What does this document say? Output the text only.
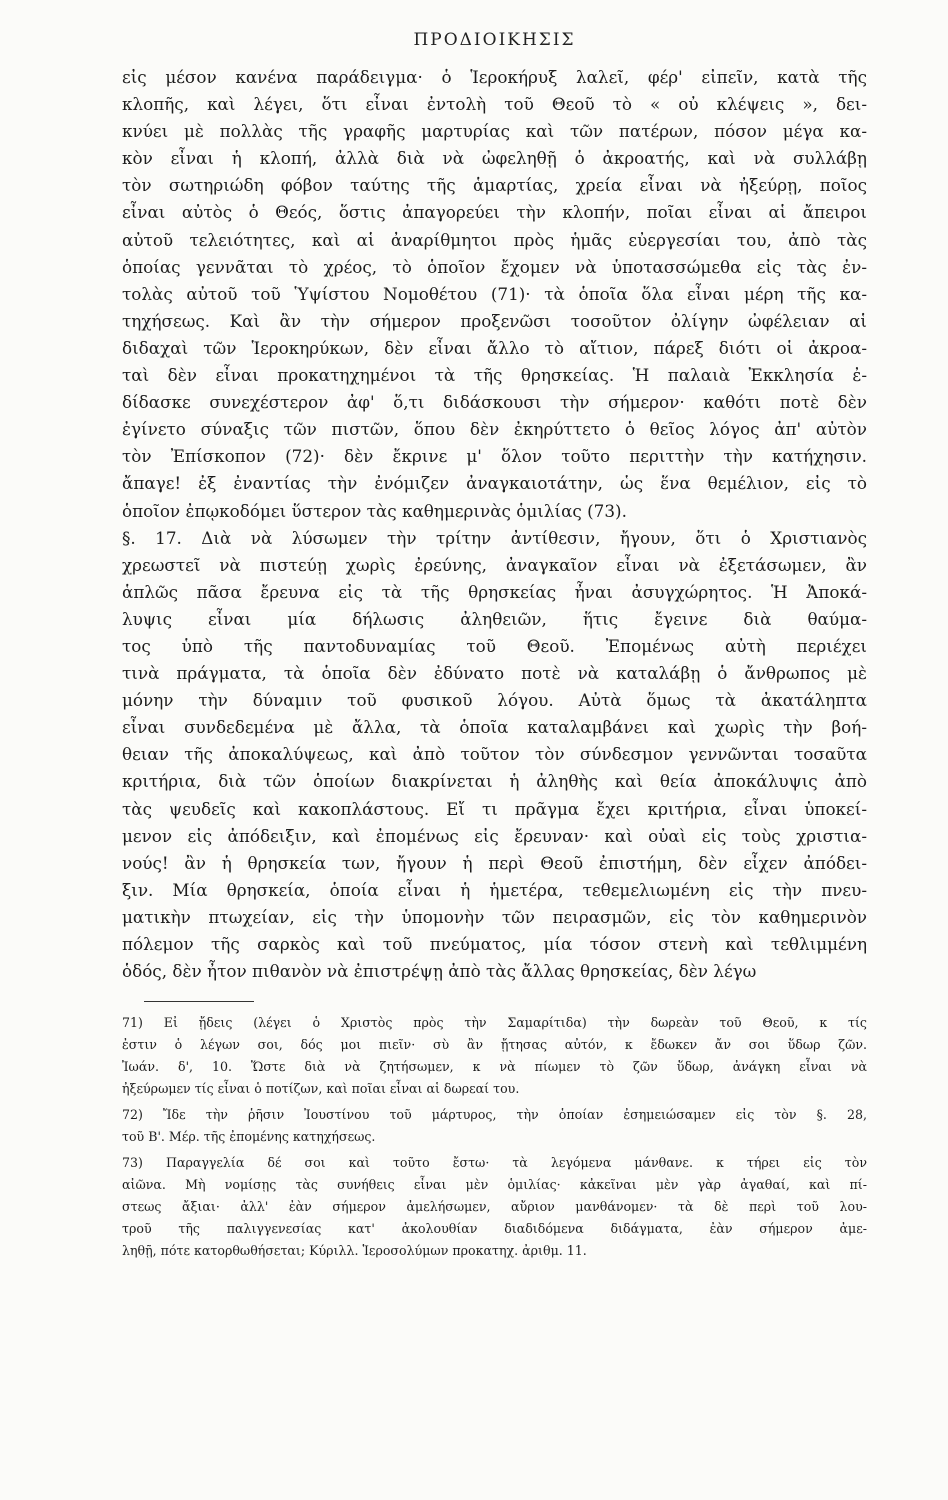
ΠΡΟΔΙΟΙΚΗΣΙΣ
εἰς μέσον κανένα παράδειγμα· ὁ Ἱεροκήρυξ λαλεῖ, φέρ' εἰπεῖν, κατὰ τῆς
κλοπῆς, καὶ λέγει, ὅτι εἶναι ἐντολὴ τοῦ Θεοῦ τὸ « οὐ κλέψεις », δει-
κνύει μὲ πολλὰς τῆς γραφῆς μαρτυρίας καὶ τῶν πατέρων, πόσον μέγα κα-
κὸν εἶναι ἡ κλοπή, ἀλλὰ διὰ νὰ ὠφεληθῇ ὁ ἀκροατής, καὶ νὰ συλλάβῃ
τὸν σωτηριώδη φόβον ταύτης τῆς ἁμαρτίας, χρεία εἶναι νὰ ἠξεύρῃ, ποῖος
εἶναι αὐτὸς ὁ Θεός, ὅστις ἀπαγορεύει τὴν κλοπήν, ποῖαι εἶναι αἱ ἄπειροι
αὐτοῦ τελειότητες, καὶ αἱ ἀναρίθμητοι πρὸς ἡμᾶς εὐεργεσίαι του, ἀπὸ τὰς
ὁποίας γεννᾶται τὸ χρέος, τὸ ὁποῖον ἔχομεν νὰ ὑποτασσώμεθα εἰς τὰς ἐν-
τολὰς αὐτοῦ τοῦ Ὑψίστου Νομοθέτου (71)· τὰ ὁποῖα ὅλα εἶναι μέρη τῆς κα-
τηχήσεως. Καὶ ἂν τὴν σήμερον προξενῶσι τοσοῦτον ὀλίγην ὠφέλειαν αἱ
διδαχαὶ τῶν Ἱεροκηρύκων, δὲν εἶναι ἄλλο τὸ αἴτιον, πάρεξ διότι οἱ ἀκροα-
ταὶ δὲν εἶναι προκατηχημένοι τὰ τῆς θρησκείας. Ἡ παλαιὰ Ἐκκλησία ἐ-
δίδασκε συνεχέστερον ἀφ' ὅ,τι διδάσκουσι τὴν σήμερον· καθότι ποτὲ δὲν
ἐγίνετο σύναξις τῶν πιστῶν, ὅπου δὲν ἐκηρύττετο ὁ θεῖος λόγος ἀπ' αὐτὸν
τὸν Ἐπίσκοπον (72)· δὲν ἔκρινε μ' ὅλον τοῦτο περιττὴν τὴν κατήχησιν.
ἄπαγε! ἐξ ἐναντίας τὴν ἐνόμιζεν ἀναγκαιοτάτην, ὡς ἕνα θεμέλιον, εἰς τὸ
ὁποῖον ἐπῳκοδόμει ὕστερον τὰς καθημερινὰς ὁμιλίας (73).
§. 17. Διὰ νὰ λύσωμεν τὴν τρίτην ἀντίθεσιν, ἤγουν, ὅτι ὁ Χριστιανὸς
χρεωστεῖ νὰ πιστεύῃ χωρὶς ἐρεύνης, ἀναγκαῖον εἶναι νὰ ἐξετάσωμεν, ἂν
ἁπλῶς πᾶσα ἔρευνα εἰς τὰ τῆς θρησκείας ἦναι ἀσυγχώρητος. Ἡ Ἀποκά-
λυψις εἶναι μία δήλωσις ἀληθειῶν, ἥτις ἔγεινε διὰ θαύμα-
τος ὑπὸ τῆς παντοδυναμίας τοῦ Θεοῦ. Ἐπομένως αὐτὴ περιέχει
τινὰ πράγματα, τὰ ὁποῖα δὲν ἐδύνατο ποτὲ νὰ καταλάβῃ ὁ ἄνθρωπος μὲ
μόνην τὴν δύναμιν τοῦ φυσικοῦ λόγου. Αὐτὰ ὅμως τὰ ἀκατάληπτα
εἶναι συνδεδεμένα μὲ ἄλλα, τὰ ὁποῖα καταλαμβάνει καὶ χωρὶς τὴν βοή-
θειαν τῆς ἀποκαλύψεως, καὶ ἀπὸ τοῦτον τὸν σύνδεσμον γεννῶνται τοσαῦτα
κριτήρια, διὰ τῶν ὁποίων διακρίνεται ἡ ἀληθὴς καὶ θεία ἀποκάλυψις ἀπὸ
τὰς ψευδεῖς καὶ κακοπλάστους. Εἴ τι πρᾶγμα ἔχει κριτήρια, εἶναι ὑποκεί-
μενον εἰς ἀπόδειξιν, καὶ ἐπομένως εἰς ἔρευναν· καὶ οὐαὶ εἰς τοὺς χριστια-
νούς! ἂν ἡ θρησκεία των, ἤγουν ἡ περὶ Θεοῦ ἐπιστήμη, δὲν εἶχεν ἀπόδει-
ξιν. Μία θρησκεία, ὁποία εἶναι ἡ ἡμετέρα, τεθεμελιωμένη εἰς τὴν πνευ-
ματικὴν πτωχείαν, εἰς τὴν ὑπομονὴν τῶν πειρασμῶν, εἰς τὸν καθημερινὸν
πόλεμον τῆς σαρκὸς καὶ τοῦ πνεύματος, μία τόσον στενὴ καὶ τεθλιμμένη
ὁδός, δὲν ἦτον πιθανὸν νὰ ἐπιστρέψῃ ἀπὸ τὰς ἄλλας θρησκείας, δὲν λέγω
71) Εἰ ᾔδεις (λέγει ὁ Χριστὸς πρὸς τὴν Σαμαρίτιδα) τὴν δωρεὰν τοῦ Θεοῦ, κ τίς
ἐστιν ὁ λέγων σοι, δός μοι πιεῖν· σὺ ἂν ᾔτησας αὐτόν, κ ἔδωκεν ἄν σοι ὕδωρ ζῶν.
Ἰωάν. δ', 10. Ὥστε διὰ νὰ ζητήσωμεν, κ νὰ πίωμεν τὸ ζῶν ὕδωρ, ἀνάγκη εἶναι νὰ
ἠξεύρωμεν τίς εἶναι ὁ ποτίζων, καὶ ποῖαι εἶναι αἱ δωρεαί του.
72) Ἴδε τὴν ῥῆσιν Ἰουστίνου τοῦ μάρτυρος, τὴν ὁποίαν ἐσημειώσαμεν εἰς τὸν §. 28,
τοῦ Β'. Μέρ. τῆς ἐπομένης κατηχήσεως.
73) Παραγγελία δέ σοι καὶ τοῦτο ἔστω· τὰ λεγόμενα μάνθανε. κ τήρει εἰς τὸν
αἰῶνα. Μὴ νομίσῃς τὰς συνήθεις εἶναι μὲν ὁμιλίας· κἀκεῖναι μὲν γὰρ ἀγαθαί, καὶ πί-
στεως ἄξιαι· ἀλλ' ἐὰν σήμερον ἀμελήσωμεν, αὔριον μανθάνομεν· τὰ δὲ περὶ τοῦ λου-
τροῦ τῆς παλιγγενεσίας κατ' ἀκολουθίαν διαδιδόμενα διδάγματα, ἐὰν σήμερον ἀμε-
ληθῇ, πότε κατορθωθήσεται; Κύριλλ. Ἱεροσολύμων προκατηχ. ἀριθμ. 11.
